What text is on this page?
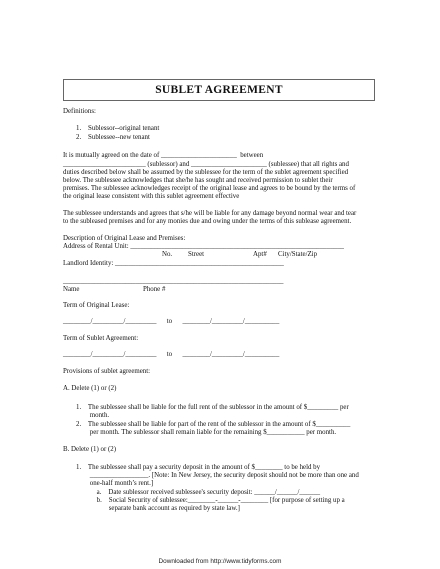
SUBLET AGREEMENT
Definitions:
1.    Sublessor--original tenant
2.    Sublessee--new tenant
It is mutually agreed on the date of ______________________  between
________________________ (sublessor) and ______________________ (sublessee) that all rights and
duties described below shall be assumed by the sublessee for the term of the sublet agreement specified
below. The sublessee acknowledges that she/he has sought and received permission to sublet their
premises. The sublessee acknowledges receipt of the original lease and agrees to be bound by the terms of
the original lease consistent with this sublet agreement effective
The sublessee understands and agrees that s/he will be liable for any damage beyond normal wear and tear
to the subleased premises and for any monies due and owing under the terms of this sublease agreement.
Description of Original Lease and Premises:
Address of Rental Unit: ______________________________________________________________
No. Street	Apt# City/State/Zip
Landlord Identity: _________________________________________________
________________________________________________________________
Name	Phone #
Term of Original Lease:
________/_________/_________      to      ________/_________/__________
Term of Sublet Agreement:
________/_________/_________      to      ________/_________/__________
Provisions of sublet agreement:
A. Delete (1) or (2)
1.    The sublessee shall be liable for the full rent of the sublessor in the amount of $_________ per
month.
2.    The sublessee shall be liable for part of the rent of the sublessor in the amount of $__________
per month. The sublessor shall remain liable for the remaining $___________ per month.
B. Delete (1) or (2)
1.    The sublessee shall pay a security deposit in the amount of $________ to be held by
_________________. [Note: In New Jersey, the security deposit should not be more than one and
one-half month’s rent.]
a.    Date sublessor received sublessee's security deposit: ______/______/______
b.    Social Security of sublessee:________-______-________ [for purpose of setting up a
separate bank account as required by state law.]
Downloaded from http://www.tidyforms.com
